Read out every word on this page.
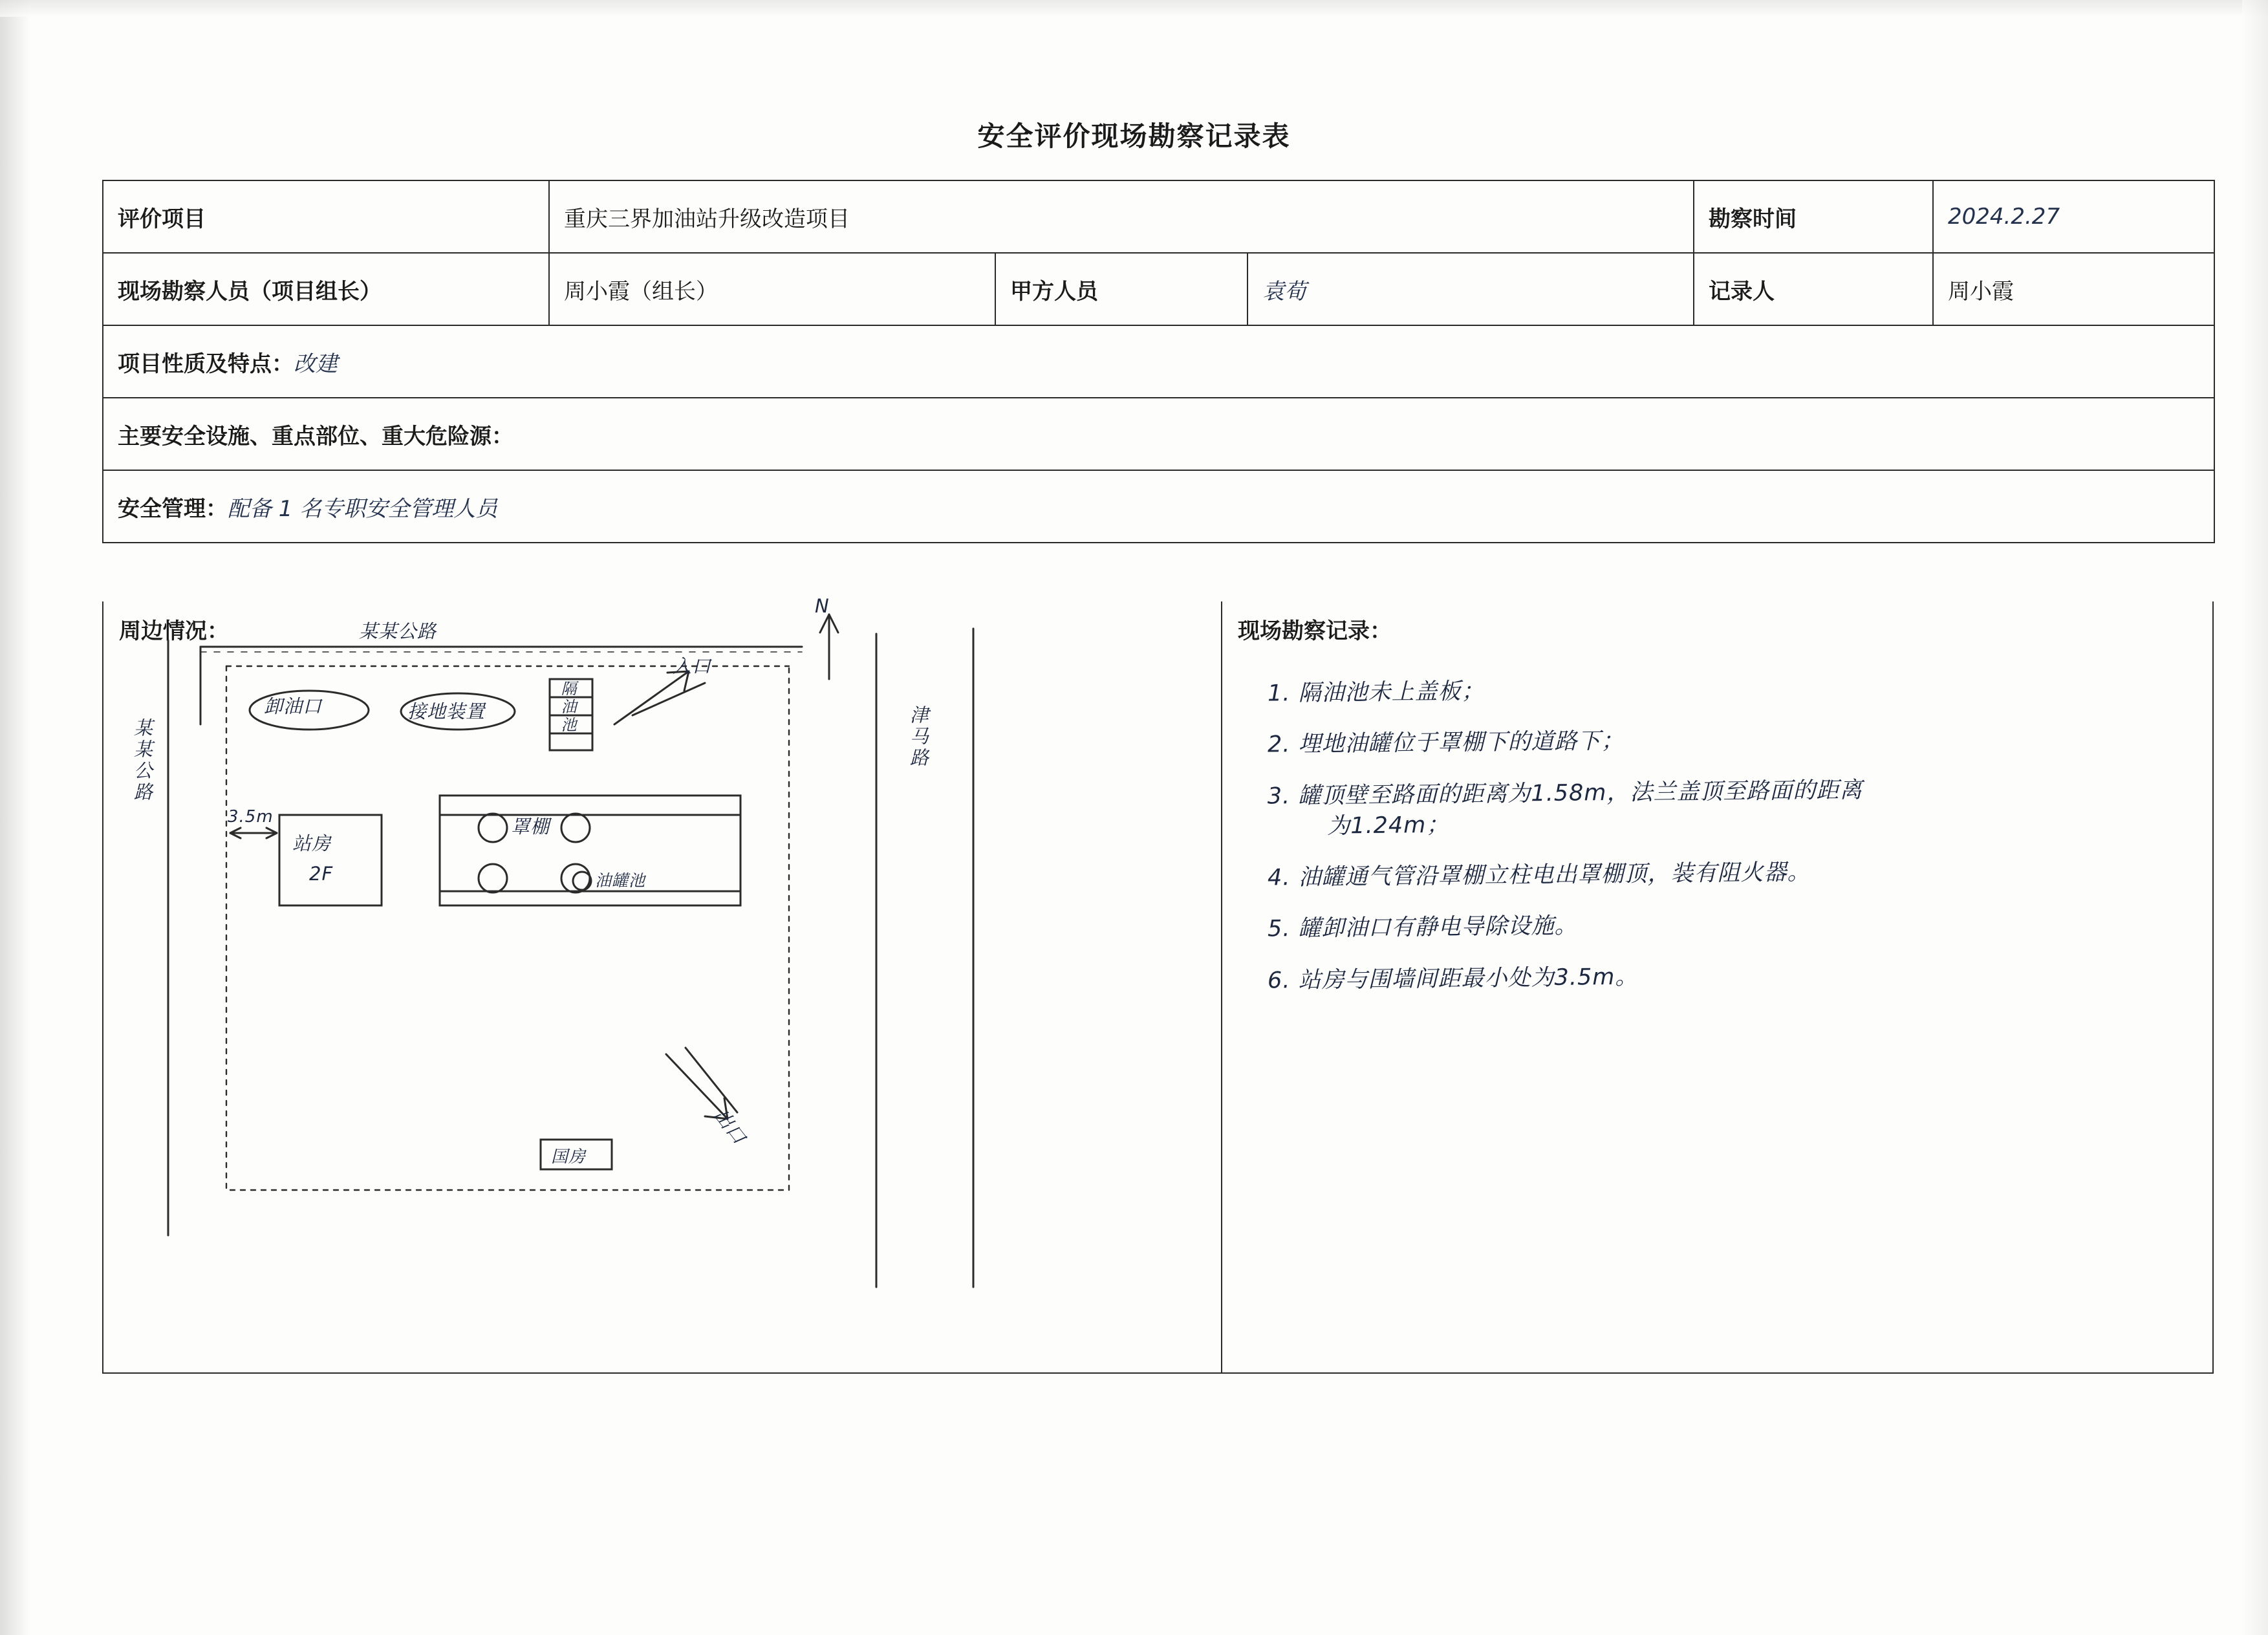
安全评价现场勘察记录表
评价项目	重庆三界加油站升级改造项目			勘察时间	2024.2.27
现场勘察人员（项目组长）	周小霞（组长）	甲方人员	袁荀	记录人	周小霞
项目性质及特点：改建					
主要安全设施、重点部位、重大危险源：					
安全管理：配备 1 名专职安全管理人员					
周边情况：
N
某某公路
某某公路	津马路
卸油口	接地装置	隔油池
入口
出口
站房
2F
3.5m	罩棚
油罐池
国房
现场勘察记录：
1. 隔油池未上盖板；
2. 埋地油罐位于罩棚下的道路下；
3. 罐顶壁至路面的距离为1.58m，法兰盖顶至路面的距离
为1.24m；
4. 油罐通气管沿罩棚立柱电出罩棚顶，装有阻火器。
5. 罐卸油口有静电导除设施。
6. 站房与围墙间距最小处为3.5m。
